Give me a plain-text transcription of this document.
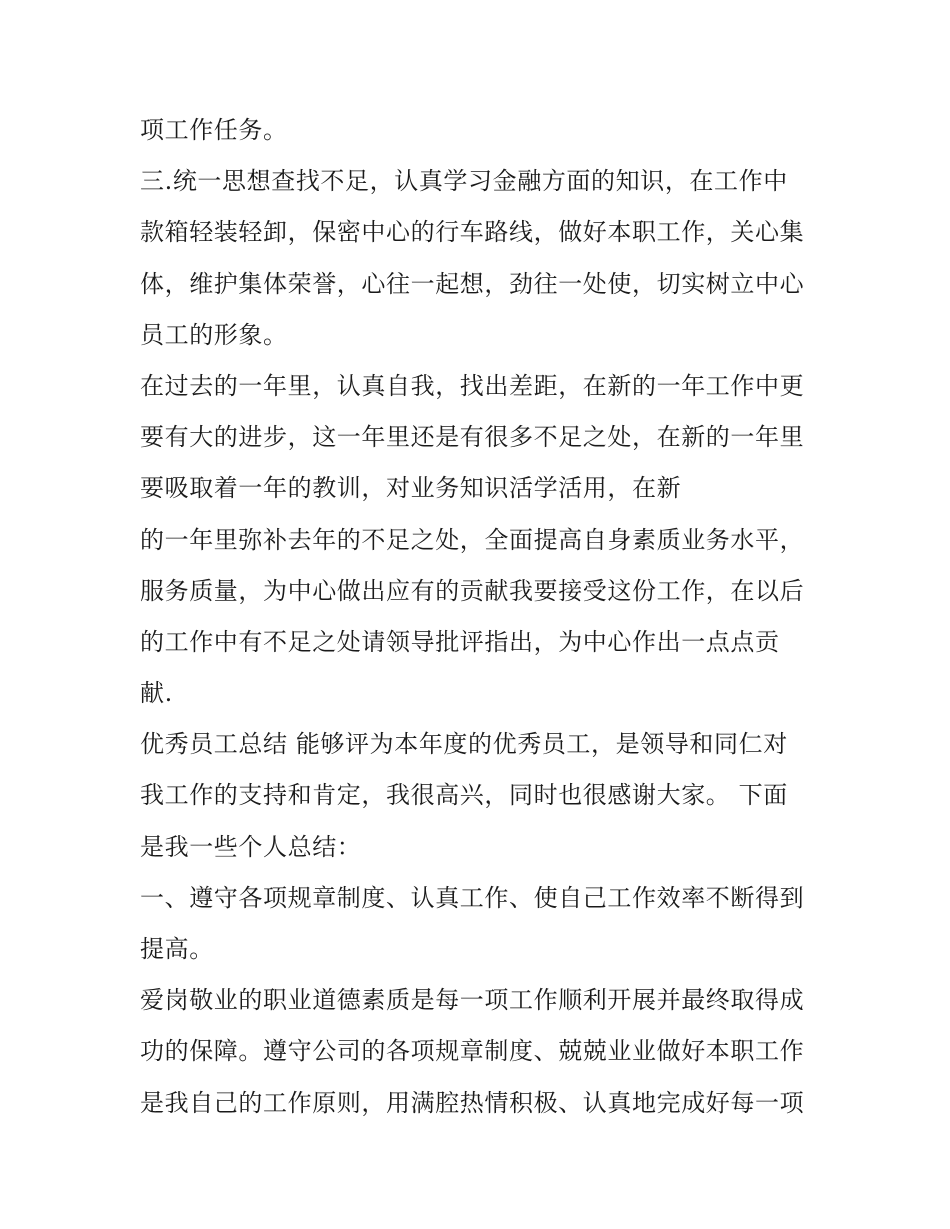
项工作任务。
三.统一思想查找不足，认真学习金融方面的知识，在工作中
款箱轻装轻卸，保密中心的行车路线，做好本职工作，关心集
体，维护集体荣誉，心往一起想，劲往一处使，切实树立中心
员工的形象。
在过去的一年里，认真自我，找出差距，在新的一年工作中更
要有大的进步，这一年里还是有很多不足之处，在新的一年里
要吸取着一年的教训，对业务知识活学活用，在新
的一年里弥补去年的不足之处，全面提高自身素质业务水平，
服务质量，为中心做出应有的贡献我要接受这份工作，在以后
的工作中有不足之处请领导批评指出，为中心作出一点点贡
献.
优秀员工总结 能够评为本年度的优秀员工，是领导和同仁对
我工作的支持和肯定，我很高兴，同时也很感谢大家。 下面
是我一些个人总结：
一、遵守各项规章制度、认真工作、使自己工作效率不断得到
提高。
爱岗敬业的职业道德素质是每一项工作顺利开展并最终取得成
功的保障。遵守公司的各项规章制度、兢兢业业做好本职工作
是我自己的工作原则，用满腔热情积极、认真地完成好每一项
